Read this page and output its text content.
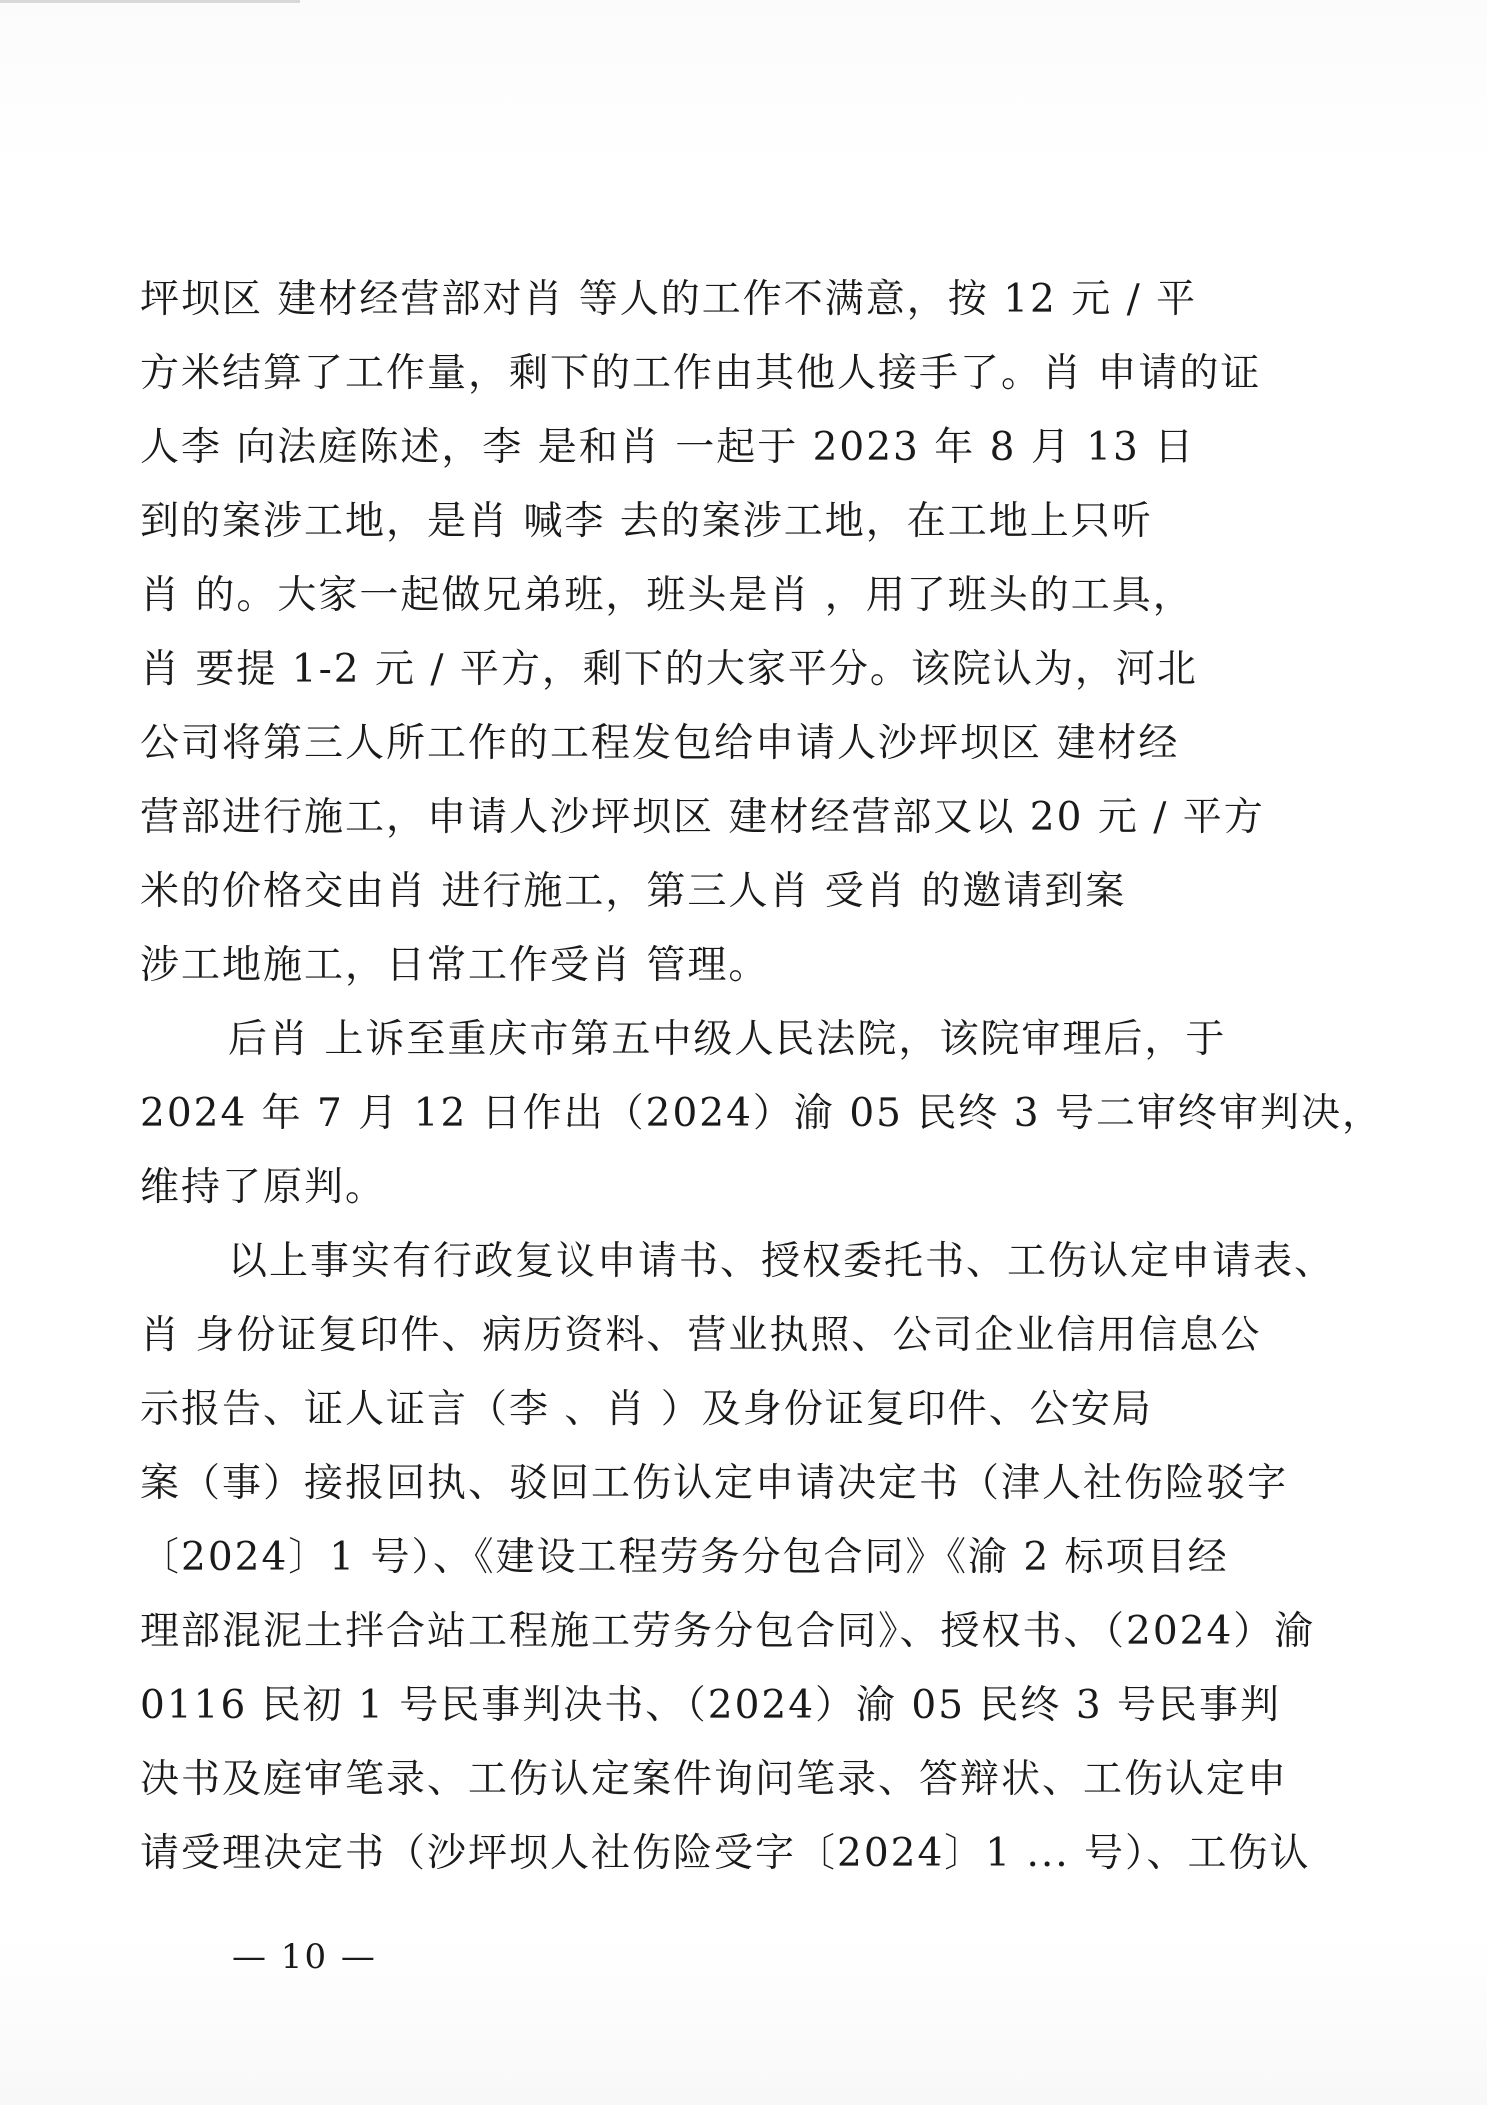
坪坝区 建材经营部对肖 等人的工作不满意，按 12 元 / 平
方米结算了工作量，剩下的工作由其他人接手了。肖 申请的证
人李 向法庭陈述，李 是和肖 一起于 2023 年 8 月 13 日
到的案涉工地，是肖 喊李 去的案涉工地，在工地上只听
肖 的。大家一起做兄弟班，班头是肖 ，用了班头的工具，
肖 要提 1-2 元 / 平方，剩下的大家平分。该院认为，河北
公司将第三人所工作的工程发包给申请人沙坪坝区 建材经
营部进行施工，申请人沙坪坝区 建材经营部又以 20 元 / 平方
米的价格交由肖 进行施工，第三人肖 受肖 的邀请到案
涉工地施工，日常工作受肖 管理。
后肖 上诉至重庆市第五中级人民法院，该院审理后，于
2024 年 7 月 12 日作出（2024）渝 05 民终 3 号二审终审判决，
维持了原判。
以上事实有行政复议申请书、授权委托书、工伤认定申请表、
肖 身份证复印件、病历资料、营业执照、公司企业信用信息公
示报告、证人证言（李 、肖 ）及身份证复印件、公安局
案（事）接报回执、驳回工伤认定申请决定书（津人社伤险驳字
〔2024〕1 号）、《建设工程劳务分包合同》《渝 2 标项目经
理部混泥土拌合站工程施工劳务分包合同》、授权书、（2024）渝
0116 民初 1 号民事判决书、（2024）渝 05 民终 3 号民事判
决书及庭审笔录、工伤认定案件询问笔录、答辩状、工伤认定申
请受理决定书（沙坪坝人社伤险受字〔2024〕1 ... 号）、工伤认
— 10 —
